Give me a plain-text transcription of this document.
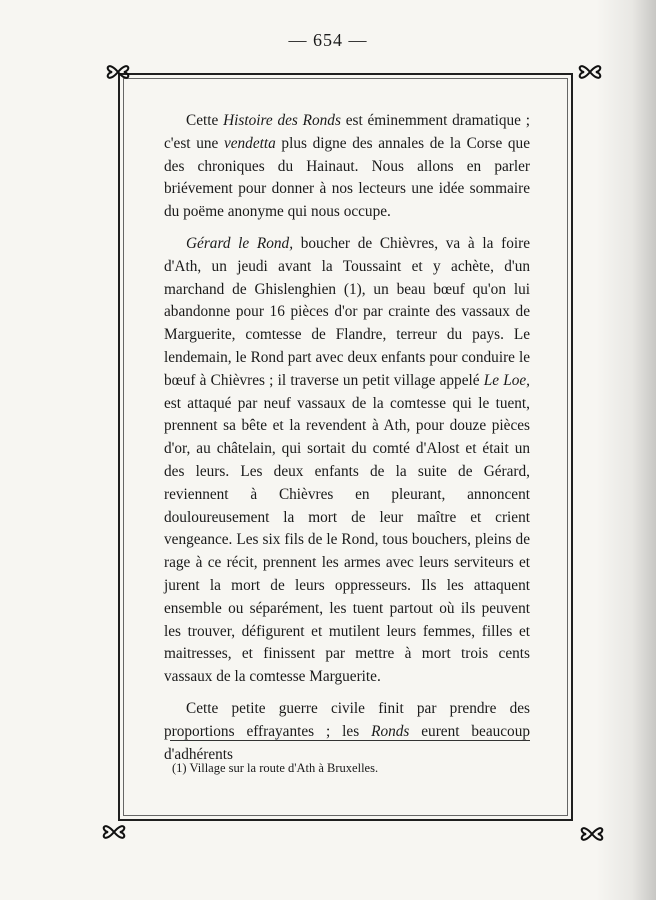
— 654 —

Cette Histoire des Ronds est éminemment dramatique ; c'est une vendetta plus digne des annales de la Corse que des chroniques du Hainaut. Nous allons en parler briévement pour donner à nos lecteurs une idée sommaire du poëme anonyme qui nous occupe.

Gérard le Rond, boucher de Chièvres, va à la foire d'Ath, un jeudi avant la Toussaint et y achète, d'un marchand de Ghislenghien (1), un beau bœuf qu'on lui abandonne pour 16 pièces d'or par crainte des vassaux de Marguerite, comtesse de Flandre, terreur du pays. Le lendemain, le Rond part avec deux enfants pour conduire le bœuf à Chièvres ; il traverse un petit village appelé Le Loe, est attaqué par neuf vassaux de la comtesse qui le tuent, prennent sa bête et la revendent à Ath, pour douze pièces d'or, au châtelain, qui sortait du comté d'Alost et était un des leurs. Les deux enfants de la suite de Gérard, reviennent à Chièvres en pleurant, annoncent douloureusement la mort de leur maître et crient vengeance. Les six fils de le Rond, tous bouchers, pleins de rage à ce récit, prennent les armes avec leurs serviteurs et jurent la mort de leurs oppresseurs. Ils les attaquent ensemble ou séparément, les tuent partout où ils peuvent les trouver, défigurent et mutilent leurs femmes, filles et maitresses, et finissent par mettre à mort trois cents vassaux de la comtesse Marguerite.

Cette petite guerre civile finit par prendre des proportions effrayantes ; les Ronds eurent beaucoup d'adhérents

(1) Village sur la route d'Ath à Bruxelles.
